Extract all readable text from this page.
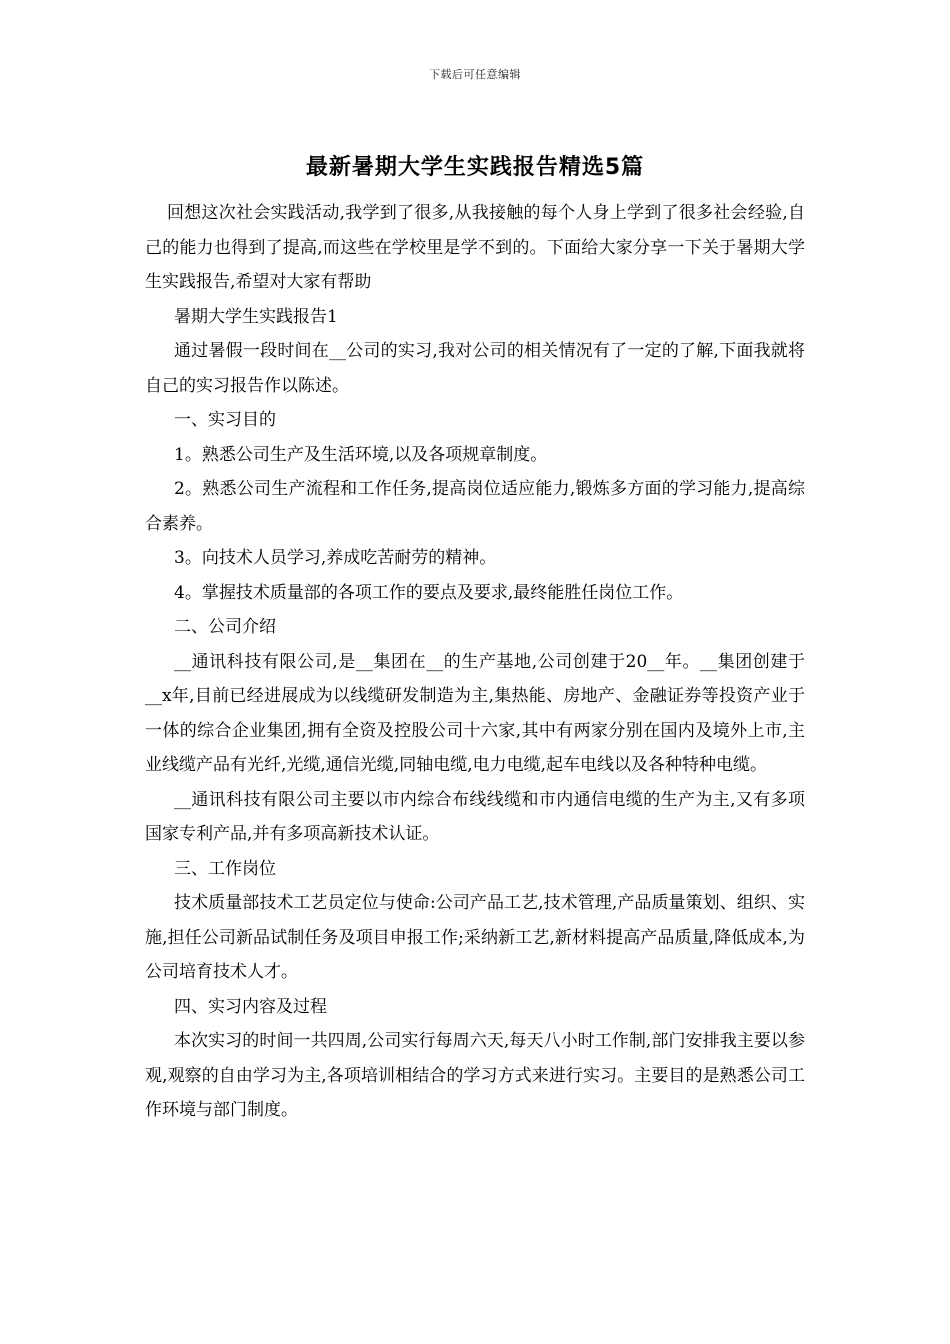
下载后可任意编辑
最新暑期大学生实践报告精选5篇

回想这次社会实践活动,我学到了很多,从我接触的每个人身上学到了很多社会经验,自己的能力也得到了提高,而这些在学校里是学不到的。下面给大家分享一下关于暑期大学生实践报告,希望对大家有帮助

暑期大学生实践报告1

通过暑假一段时间在__公司的实习,我对公司的相关情况有了一定的了解,下面我就将自己的实习报告作以陈述。

一、实习目的

1。熟悉公司生产及生活环境,以及各项规章制度。

2。熟悉公司生产流程和工作任务,提高岗位适应能力,锻炼多方面的学习能力,提高综合素养。

3。向技术人员学习,养成吃苦耐劳的精神。

4。掌握技术质量部的各项工作的要点及要求,最终能胜任岗位工作。

二、公司介绍

__通讯科技有限公司,是__集团在__的生产基地,公司创建于20__年。__集团创建于__x年,目前已经进展成为以线缆研发制造为主,集热能、房地产、金融证券等投资产业于一体的综合企业集团,拥有全资及控股公司十六家,其中有两家分别在国内及境外上市,主业线缆产品有光纤,光缆,通信光缆,同轴电缆,电力电缆,起车电线以及各种特种电缆。

__通讯科技有限公司主要以市内综合布线线缆和市内通信电缆的生产为主,又有多项国家专利产品,并有多项高新技术认证。

三、工作岗位

技术质量部技术工艺员定位与使命:公司产品工艺,技术管理,产品质量策划、组织、实施,担任公司新品试制任务及项目申报工作;采纳新工艺,新材料提高产品质量,降低成本,为公司培育技术人才。

四、实习内容及过程

本次实习的时间一共四周,公司实行每周六天,每天八小时工作制,部门安排我主要以参观,观察的自由学习为主,各项培训相结合的学习方式来进行实习。主要目的是熟悉公司工作环境与部门制度。
